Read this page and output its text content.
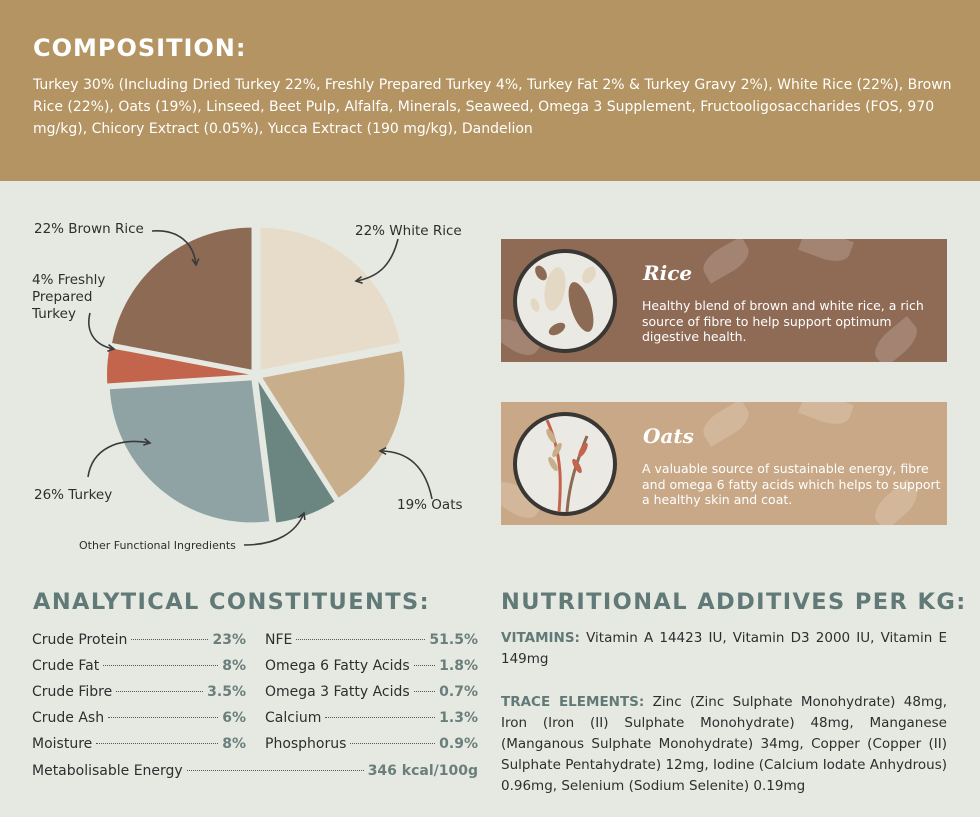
COMPOSITION:

Turkey 30% (Including Dried Turkey 22%, Freshly Prepared Turkey 4%, Turkey Fat 2% & Turkey Gravy 2%), White Rice (22%), Brown Rice (22%), Oats (19%), Linseed, Beet Pulp, Alfalfa, Minerals, Seaweed, Omega 3 Supplement, Fructooligosaccharides (FOS, 970 mg/kg), Chicory Extract (0.05%), Yucca Extract (190 mg/kg), Dandelion

22% White Rice
19% Oats
Other Functional Ingredients
26% Turkey
4% Freshly
Prepared
Turkey
22% Brown Rice
Rice
Healthy blend of brown and white rice, a rich source of fibre to help support optimum digestive health.
Oats
A valuable source of sustainable energy, fibre and omega 6 fatty acids which helps to support a healthy skin and coat.
ANALYTICAL CONSTITUENTS:
Crude Protein	23%
Crude Fat	8%
Crude Fibre	3.5%
Crude Ash	6%
Moisture	8%
NFE	51.5%
Omega 6 Fatty Acids 1.8%
Omega 3 Fatty Acids 0.7%
Calcium	1.3%
Phosphorus	0.9%
Metabolisable Energy	346 kcal/100g
NUTRITIONAL ADDITIVES PER KG:
VITAMINS: Vitamin A 14423 IU, Vitamin D3 2000 IU, Vitamin E 149mg
TRACE ELEMENTS: Zinc (Zinc Sulphate Monohydrate) 48mg, Iron (Iron (II) Sulphate Monohydrate) 48mg, Manganese (Manganous Sulphate Monohydrate) 34mg, Copper (Copper (II) Sulphate Pentahydrate) 12mg, Iodine (Calcium Iodate Anhydrous) 0.96mg, Selenium (Sodium Selenite) 0.19mg
